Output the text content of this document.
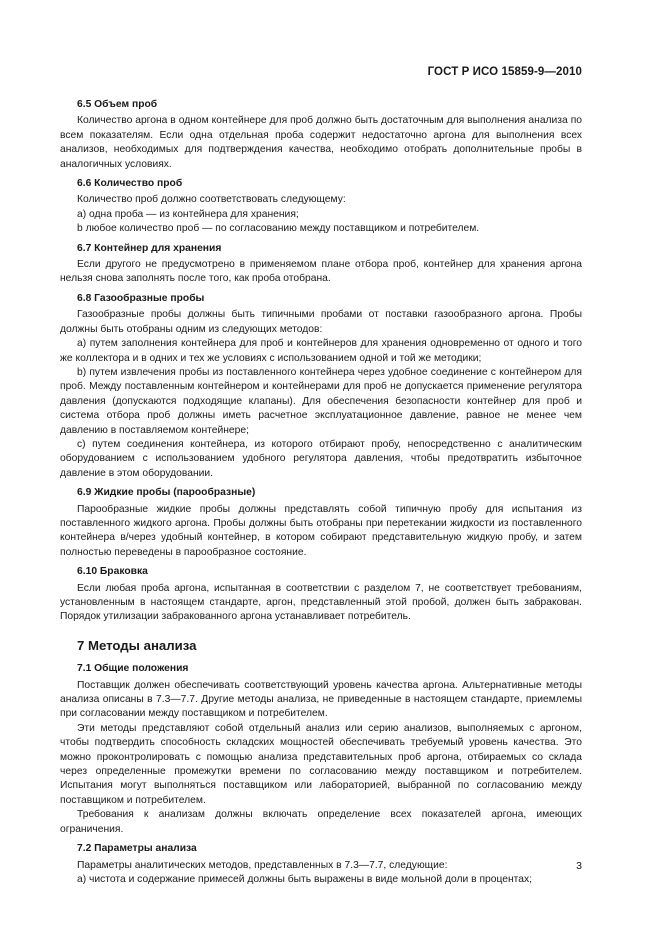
ГОСТ Р ИСО 15859-9—2010
6.5 Объем проб

Количество аргона в одном контейнере для проб должно быть достаточным для выполнения анализа по всем показателям. Если одна отдельная проба содержит недостаточно аргона для выполнения всех анализов, необходимых для подтверждения качества, необходимо отобрать дополнительные пробы в аналогичных условиях.

6.6 Количество проб

Количество проб должно соответствовать следующему:

а) одна проба — из контейнера для хранения;

b любое количество проб — по согласованию между поставщиком и потребителем.

6.7 Контейнер для хранения

Если другого не предусмотрено в применяемом плане отбора проб, контейнер для хранения аргона нельзя снова заполнять после того, как проба отобрана.

6.8 Газообразные пробы

Газообразные пробы должны быть типичными пробами от поставки газообразного аргона. Пробы должны быть отобраны одним из следующих методов:

а) путем заполнения контейнера для проб и контейнеров для хранения одновременно от одного и того же коллектора и в одних и тех же условиях с использованием одной и той же методики;

b) путем извлечения пробы из поставленного контейнера через удобное соединение с контейнером для проб. Между поставленным контейнером и контейнерами для проб не допускается применение регулятора давления (допускаются подходящие клапаны). Для обеспечения безопасности контейнер для проб и система отбора проб должны иметь расчетное эксплуатационное давление, равное не менее чем давлению в поставляемом контейнере;

с) путем соединения контейнера, из которого отбирают пробу, непосредственно с аналитическим оборудованием с использованием удобного регулятора давления, чтобы предотвратить избыточное давление в этом оборудовании.

6.9 Жидкие пробы (парообразные)

Парообразные жидкие пробы должны представлять собой типичную пробу для испытания из поставленного жидкого аргона. Пробы должны быть отобраны при перетекании жидкости из поставленного контейнера в/через удобный контейнер, в котором собирают представительную жидкую пробу, и затем полностью переведены в парообразное состояние.

6.10 Браковка

Если любая проба аргона, испытанная в соответствии с разделом 7, не соответствует требованиям, установленным в настоящем стандарте, аргон, представленный этой пробой, должен быть забракован. Порядок утилизации забракованного аргона устанавливает потребитель.

7 Методы анализа
7.1 Общие положения

Поставщик должен обеспечивать соответствующий уровень качества аргона. Альтернативные методы анализа описаны в 7.3—7.7. Другие методы анализа, не приведенные в настоящем стандарте, приемлемы при согласовании между поставщиком и потребителем.

Эти методы представляют собой отдельный анализ или серию анализов, выполняемых с аргоном, чтобы подтвердить способность складских мощностей обеспечивать требуемый уровень качества. Это можно проконтролировать с помощью анализа представительных проб аргона, отбираемых со склада через определенные промежутки времени по согласованию между поставщиком и потребителем. Испытания могут выполняться поставщиком или лабораторией, выбранной по согласованию между поставщиком и потребителем.

Требования к анализам должны включать определение всех показателей аргона, имеющих ограничения.

7.2 Параметры анализа

Параметры аналитических методов, представленных в 7.3—7.7, следующие:

а) чистота и содержание примесей должны быть выражены в виде мольной доли в процентах;

3
